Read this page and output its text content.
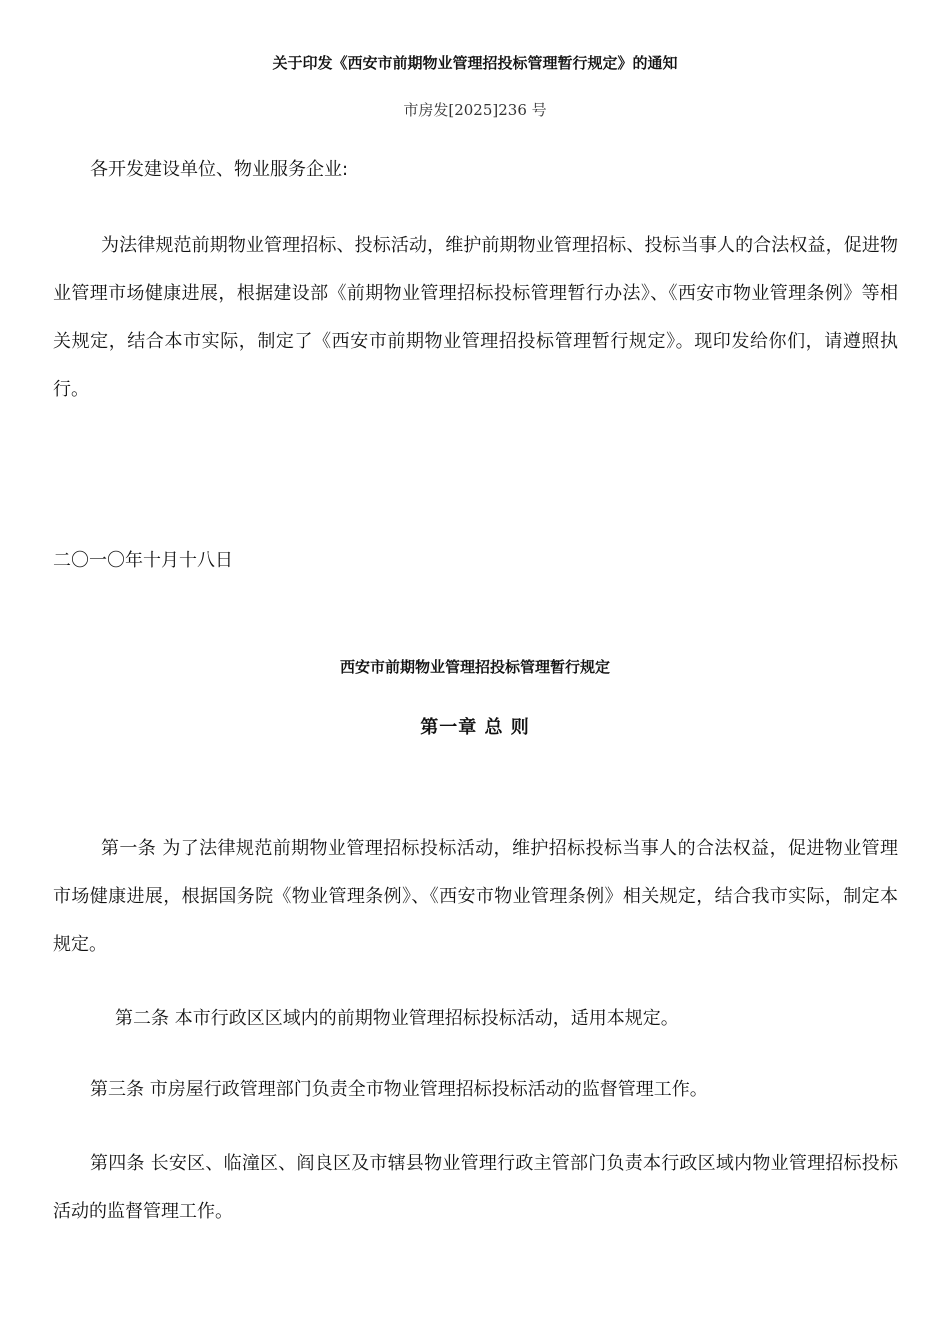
关于印发《西安市前期物业管理招投标管理暂行规定》的通知
市房发[2025]236 号

各开发建设单位、物业服务企业:

为法律规范前期物业管理招标、投标活动，维护前期物业管理招标、投标当事人的合法权益，促进物业管理市场健康进展，根据建设部《前期物业管理招标投标管理暂行办法》、《西安市物业管理条例》等相关规定，结合本市实际，制定了《西安市前期物业管理招投标管理暂行规定》。现印发给你们，请遵照执行。

二〇一〇年十月十八日

西安市前期物业管理招投标管理暂行规定
第一章 总 则

第一条 为了法律规范前期物业管理招标投标活动，维护招标投标当事人的合法权益，促进物业管理市场健康进展，根据国务院《物业管理条例》、《西安市物业管理条例》相关规定，结合我市实际，制定本规定。

第二条 本市行政区区域内的前期物业管理招标投标活动，适用本规定。

第三条 市房屋行政管理部门负责全市物业管理招标投标活动的监督管理工作。

第四条 长安区、临潼区、阎良区及市辖县物业管理行政主管部门负责本行政区域内物业管理招标投标活动的监督管理工作。
